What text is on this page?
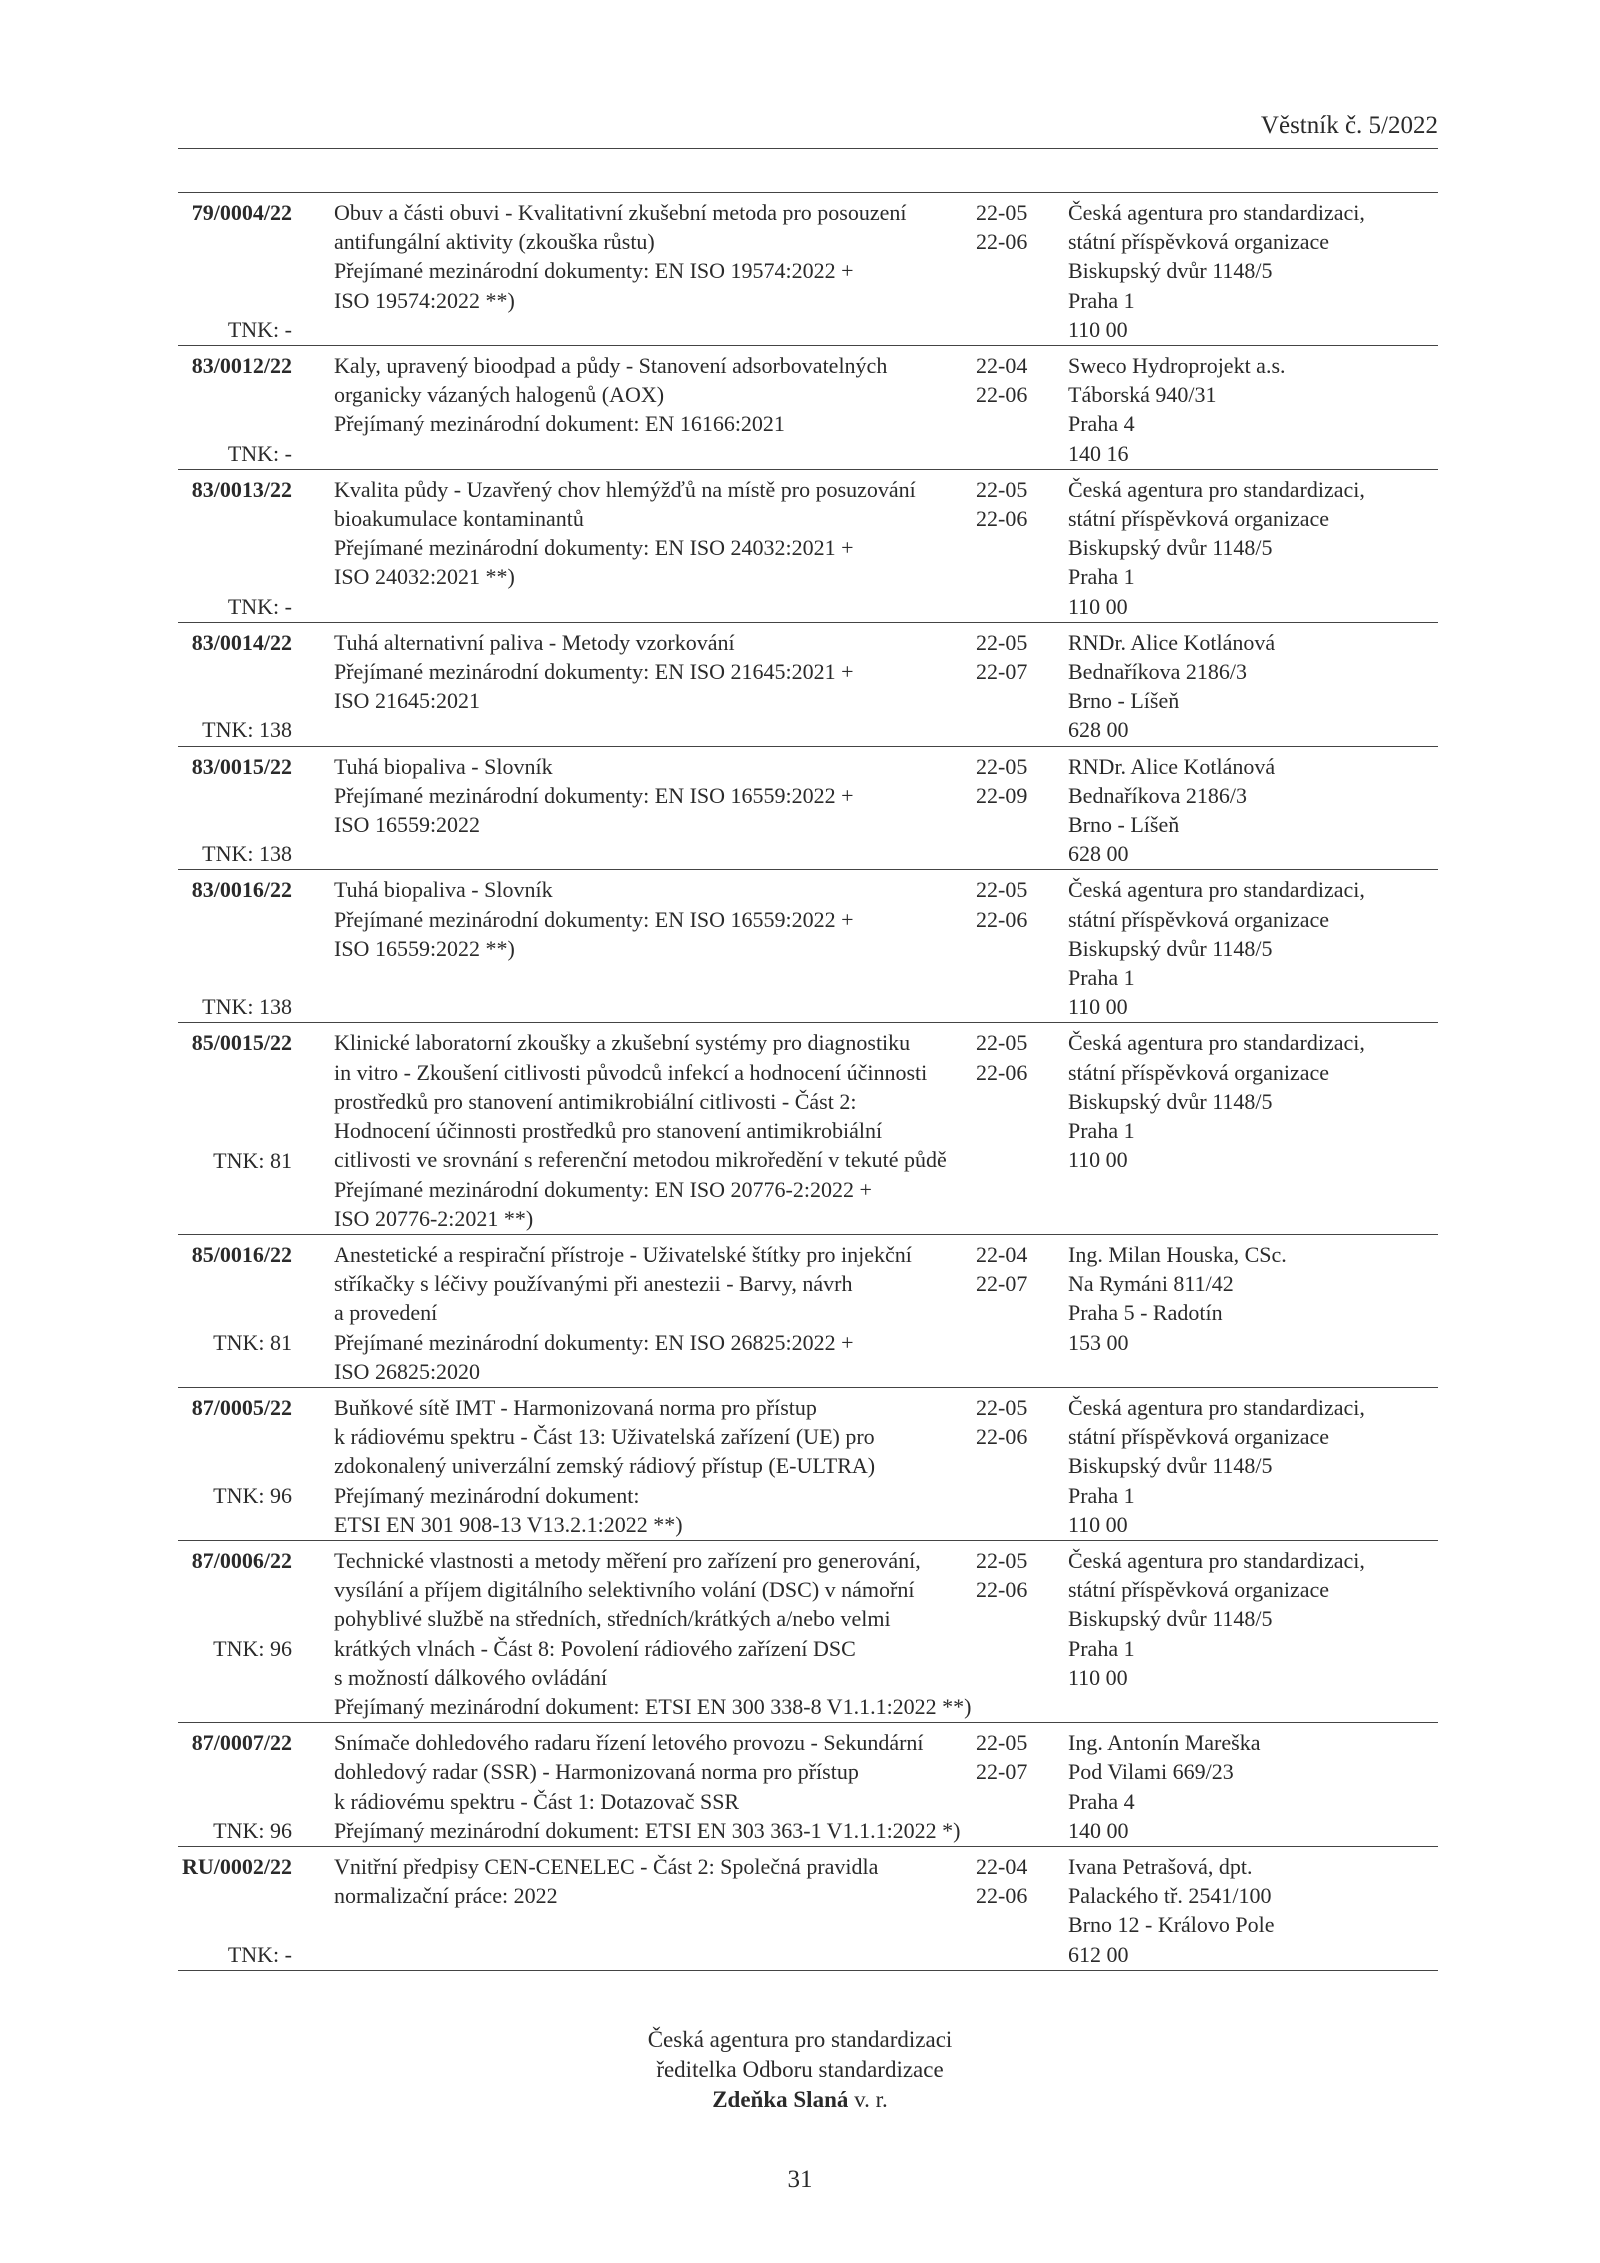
Věstník č. 5/2022
79/0004/22
TNK: -
Obuv a části obuvi - Kvalitativní zkušební metoda pro posouzení
antifungální aktivity (zkouška růstu)
Přejímané mezinárodní dokumenty: EN ISO 19574:2022 +
ISO 19574:2022 **)
22-05
22-06
Česká agentura pro standardizaci,
státní příspěvková organizace
Biskupský dvůr 1148/5
Praha 1
110 00
83/0012/22
TNK: -
Kaly, upravený bioodpad a půdy - Stanovení adsorbovatelných
organicky vázaných halogenů (AOX)
Přejímaný mezinárodní dokument: EN 16166:2021
22-04
22-06
Sweco Hydroprojekt a.s.
Táborská 940/31
Praha 4
140 16
83/0013/22
TNK: -
Kvalita půdy - Uzavřený chov hlemýžďů na místě pro posuzování
bioakumulace kontaminantů
Přejímané mezinárodní dokumenty: EN ISO 24032:2021 +
ISO 24032:2021 **)
22-05
22-06
Česká agentura pro standardizaci,
státní příspěvková organizace
Biskupský dvůr 1148/5
Praha 1
110 00
83/0014/22
TNK: 138
Tuhá alternativní paliva - Metody vzorkování
Přejímané mezinárodní dokumenty: EN ISO 21645:2021 +
ISO 21645:2021
22-05
22-07
RNDr. Alice Kotlánová
Bednaříkova 2186/3
Brno - Líšeň
628 00
83/0015/22
TNK: 138
Tuhá biopaliva - Slovník
Přejímané mezinárodní dokumenty: EN ISO 16559:2022 +
ISO 16559:2022
22-05
22-09
RNDr. Alice Kotlánová
Bednaříkova 2186/3
Brno - Líšeň
628 00
83/0016/22
TNK: 138
Tuhá biopaliva - Slovník
Přejímané mezinárodní dokumenty: EN ISO 16559:2022 +
ISO 16559:2022 **)
22-05
22-06
Česká agentura pro standardizaci,
státní příspěvková organizace
Biskupský dvůr 1148/5
Praha 1
110 00
85/0015/22
TNK: 81
Klinické laboratorní zkoušky a zkušební systémy pro diagnostiku
in vitro - Zkoušení citlivosti původců infekcí a hodnocení účinnosti
prostředků pro stanovení antimikrobiální citlivosti - Část 2:
Hodnocení účinnosti prostředků pro stanovení antimikrobiální
citlivosti ve srovnání s referenční metodou mikroředění v tekuté půdě
Přejímané mezinárodní dokumenty: EN ISO 20776-2:2022 +
ISO 20776-2:2021 **)
22-05
22-06
Česká agentura pro standardizaci,
státní příspěvková organizace
Biskupský dvůr 1148/5
Praha 1
110 00
85/0016/22
TNK: 81
Anestetické a respirační přístroje - Uživatelské štítky pro injekční
stříkačky s léčivy používanými při anestezii - Barvy, návrh
a provedení
Přejímané mezinárodní dokumenty: EN ISO 26825:2022 +
ISO 26825:2020
22-04
22-07
Ing. Milan Houska, CSc.
Na Rymáni 811/42
Praha 5 - Radotín
153 00
87/0005/22
TNK: 96
Buňkové sítě IMT - Harmonizovaná norma pro přístup
k rádiovému spektru - Část 13: Uživatelská zařízení (UE) pro
zdokonalený univerzální zemský rádiový přístup (E-ULTRA)
Přejímaný mezinárodní dokument:
ETSI EN 301 908-13 V13.2.1:2022 **)
22-05
22-06
Česká agentura pro standardizaci,
státní příspěvková organizace
Biskupský dvůr 1148/5
Praha 1
110 00
87/0006/22
TNK: 96
Technické vlastnosti a metody měření pro zařízení pro generování,
vysílání a příjem digitálního selektivního volání (DSC) v námořní
pohyblivé službě na středních, středních/krátkých a/nebo velmi
krátkých vlnách - Část 8: Povolení rádiového zařízení DSC
s možností dálkového ovládání
Přejímaný mezinárodní dokument: ETSI EN 300 338-8 V1.1.1:2022 **)
22-05
22-06
Česká agentura pro standardizaci,
státní příspěvková organizace
Biskupský dvůr 1148/5
Praha 1
110 00
87/0007/22
TNK: 96
Snímače dohledového radaru řízení letového provozu - Sekundární
dohledový radar (SSR) - Harmonizovaná norma pro přístup
k rádiovému spektru - Část 1: Dotazovač SSR
Přejímaný mezinárodní dokument: ETSI EN 303 363-1 V1.1.1:2022 *)
22-05
22-07
Ing. Antonín Mareška
Pod Vilami 669/23
Praha 4
140 00
RU/0002/22
TNK: -
Vnitřní předpisy CEN-CENELEC - Část 2: Společná pravidla
normalizační práce: 2022
22-04
22-06
Ivana Petrašová, dpt.
Palackého tř. 2541/100
Brno 12 - Královo Pole
612 00
Česká agentura pro standardizaci
ředitelka Odboru standardizace
Zdeňka Slaná v. r.
31
